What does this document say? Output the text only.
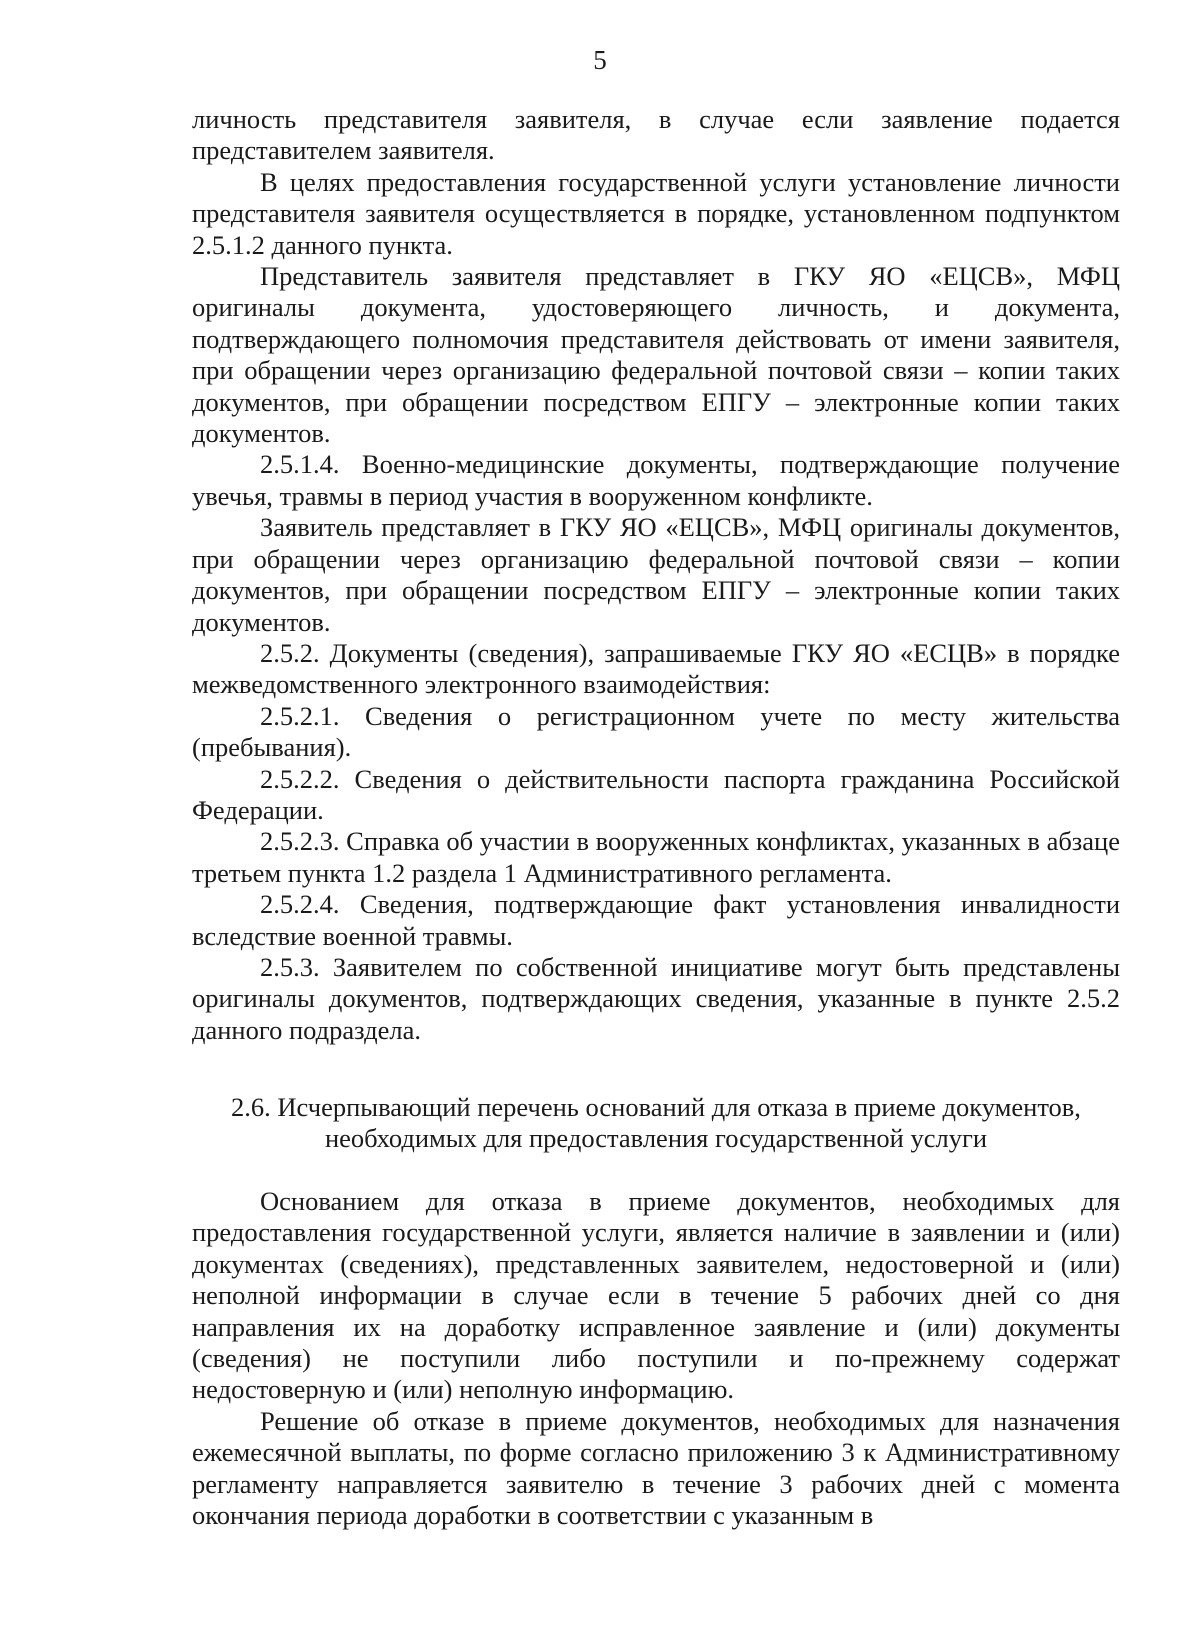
5

личность представителя заявителя, в случае если заявление подается представителем заявителя.

В целях предоставления государственной услуги установление личности представителя заявителя осуществляется в порядке, установленном подпунктом 2.5.1.2 данного пункта.

Представитель заявителя представляет в ГКУ ЯО «ЕЦСВ», МФЦ оригиналы документа, удостоверяющего личность, и документа, подтверждающего полномочия представителя действовать от имени заявителя, при обращении через организацию федеральной почтовой связи – копии таких документов, при обращении посредством ЕПГУ – электронные копии таких документов.

2.5.1.4. Военно-медицинские документы, подтверждающие получение увечья, травмы в период участия в вооруженном конфликте.

Заявитель представляет в ГКУ ЯО «ЕЦСВ», МФЦ оригиналы документов, при обращении через организацию федеральной почтовой связи – копии документов, при обращении посредством ЕПГУ – электронные копии таких документов.

2.5.2. Документы (сведения), запрашиваемые ГКУ ЯО «ЕСЦВ» в порядке межведомственного электронного взаимодействия:

2.5.2.1. Сведения о регистрационном учете по месту жительства (пребывания).

2.5.2.2. Сведения о действительности паспорта гражданина Российской Федерации.

2.5.2.3. Справка об участии в вооруженных конфликтах, указанных в абзаце третьем пункта 1.2 раздела 1 Административного регламента.

2.5.2.4. Сведения, подтверждающие факт установления инвалидности вследствие военной травмы.

2.5.3. Заявителем по собственной инициативе могут быть представлены оригиналы документов, подтверждающих сведения, указанные в пункте 2.5.2 данного подраздела.

2.6. Исчерпывающий перечень оснований для отказа в приеме документов,
необходимых для предоставления государственной услуги

Основанием для отказа в приеме документов, необходимых для предоставления государственной услуги, является наличие в заявлении и (или) документах (сведениях), представленных заявителем, недостоверной и (или) неполной информации в случае если в течение 5 рабочих дней со дня направления их на доработку исправленное заявление и (или) документы (сведения) не поступили либо поступили и по-прежнему содержат недостоверную и (или) неполную информацию.

Решение об отказе в приеме документов, необходимых для назначения ежемесячной выплаты, по форме согласно приложению 3 к Административному регламенту направляется заявителю в течение 3 рабочих дней с момента окончания периода доработки в соответствии с указанным в
